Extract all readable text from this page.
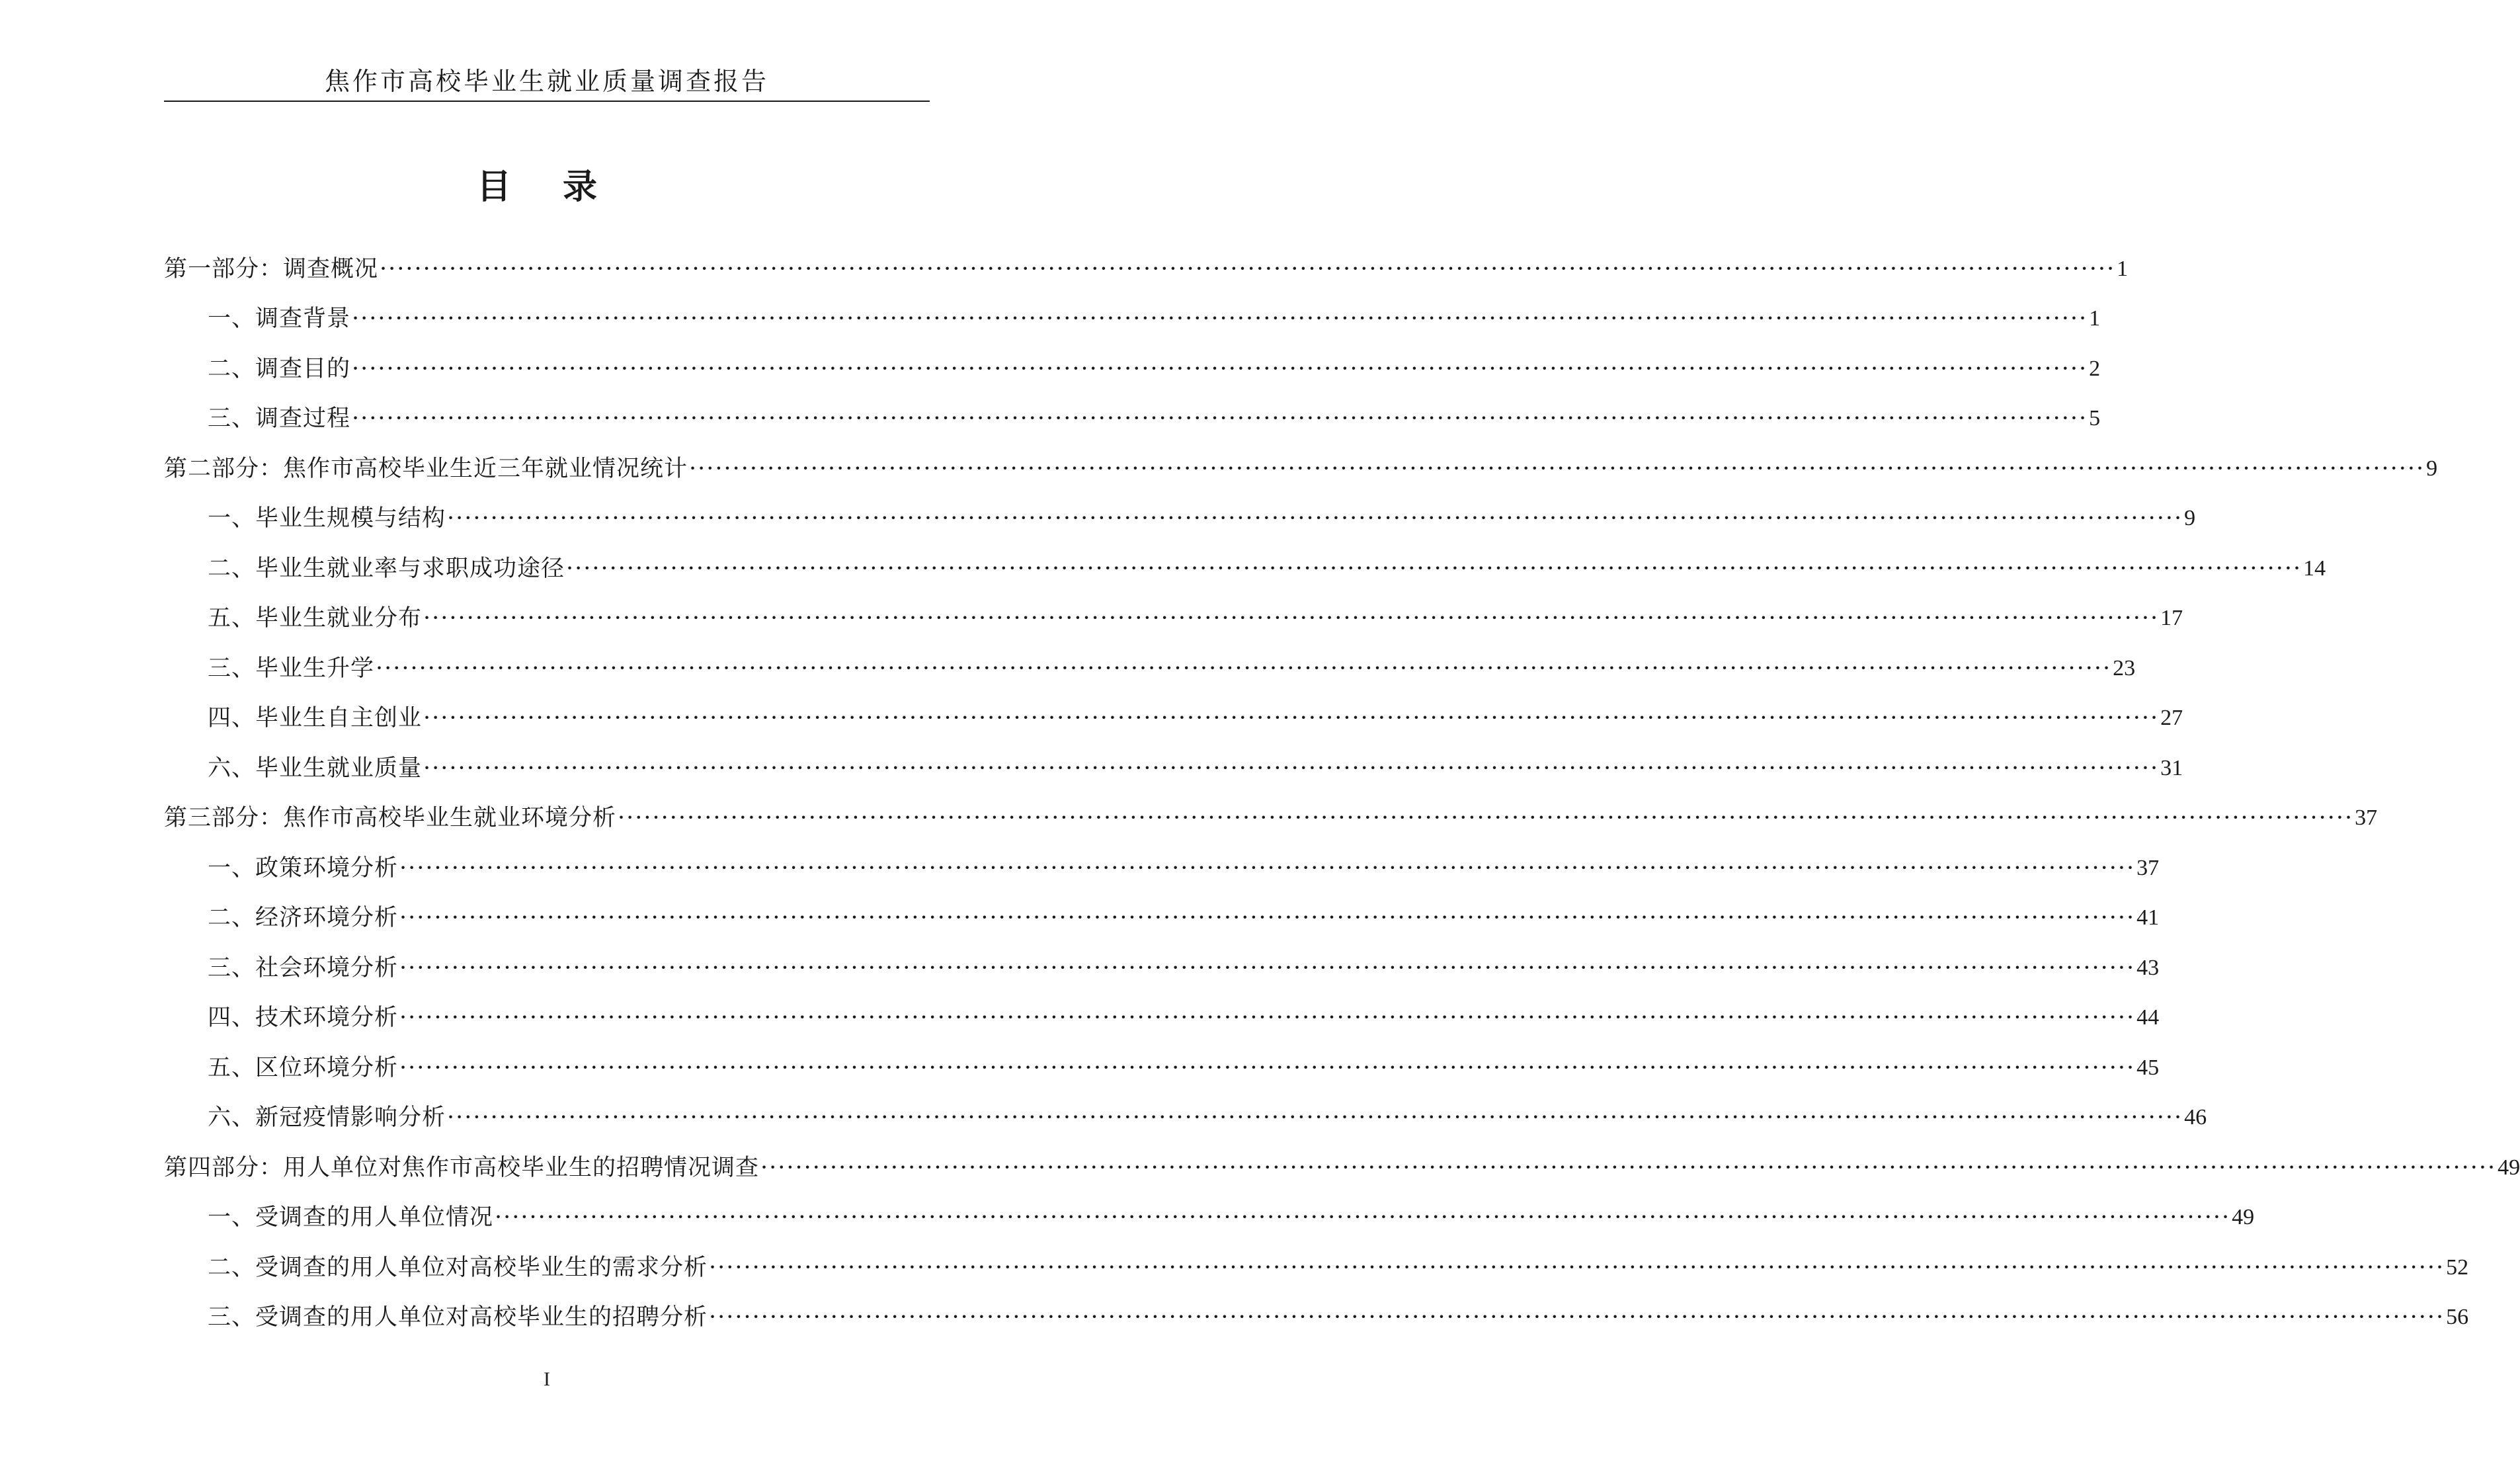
焦作市高校毕业生就业质量调查报告
目 录
第一部分：调查概况 ········································································································································································································ 1
一、调查背景 ········································································································································································································ 1
二、调查目的 ········································································································································································································ 2
三、调查过程 ········································································································································································································ 5
第二部分：焦作市高校毕业生近三年就业情况统计 ········································································································································································································ 9
一、毕业生规模与结构 ········································································································································································································ 9
二、毕业生就业率与求职成功途径 ········································································································································································································ 14
五、毕业生就业分布 ········································································································································································································ 17
三、毕业生升学 ········································································································································································································ 23
四、毕业生自主创业 ········································································································································································································ 27
六、毕业生就业质量 ········································································································································································································ 31
第三部分：焦作市高校毕业生就业环境分析 ········································································································································································································ 37
一、政策环境分析 ········································································································································································································ 37
二、经济环境分析 ········································································································································································································ 41
三、社会环境分析 ········································································································································································································ 43
四、技术环境分析 ········································································································································································································ 44
五、区位环境分析 ········································································································································································································ 45
六、新冠疫情影响分析 ········································································································································································································ 46
第四部分：用人单位对焦作市高校毕业生的招聘情况调查 ········································································································································································································ 49
一、受调查的用人单位情况 ········································································································································································································ 49
二、受调查的用人单位对高校毕业生的需求分析 ········································································································································································································ 52
三、受调查的用人单位对高校毕业生的招聘分析 ········································································································································································································ 56
I
